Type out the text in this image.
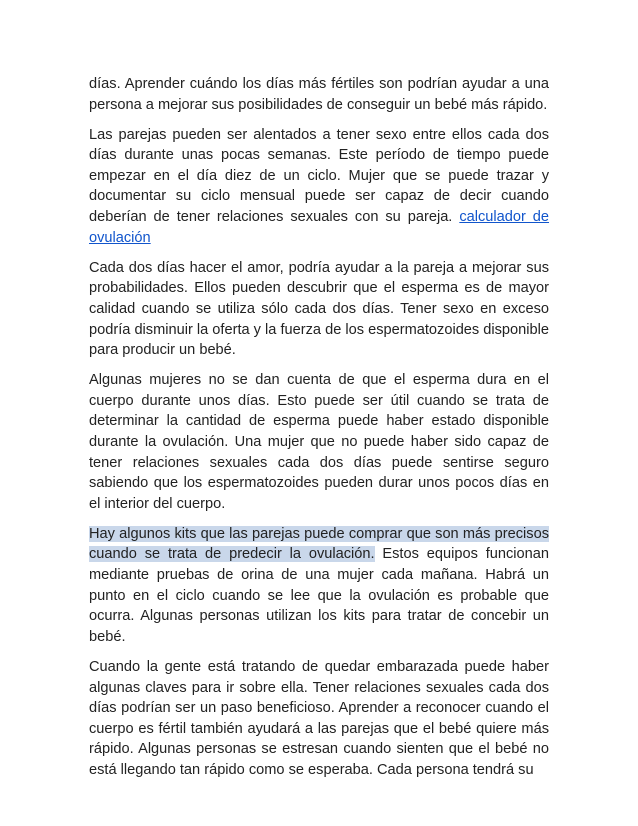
días. Aprender cuándo los días más fértiles son podrían ayudar a una persona a mejorar sus posibilidades de conseguir un bebé más rápido.

Las parejas pueden ser alentados a tener sexo entre ellos cada dos días durante unas pocas semanas. Este período de tiempo puede empezar en el día diez de un ciclo. Mujer que se puede trazar y documentar su ciclo mensual puede ser capaz de decir cuando deberían de tener relaciones sexuales con su pareja. calculador de ovulación

Cada dos días hacer el amor, podría ayudar a la pareja a mejorar sus probabilidades. Ellos pueden descubrir que el esperma es de mayor calidad cuando se utiliza sólo cada dos días. Tener sexo en exceso podría disminuir la oferta y la fuerza de los espermatozoides disponible para producir un bebé.

Algunas mujeres no se dan cuenta de que el esperma dura en el cuerpo durante unos días. Esto puede ser útil cuando se trata de determinar la cantidad de esperma puede haber estado disponible durante la ovulación. Una mujer que no puede haber sido capaz de tener relaciones sexuales cada dos días puede sentirse seguro sabiendo que los espermatozoides pueden durar unos pocos días en el interior del cuerpo.

Hay algunos kits que las parejas puede comprar que son más precisos cuando se trata de predecir la ovulación. Estos equipos funcionan mediante pruebas de orina de una mujer cada mañana. Habrá un punto en el ciclo cuando se lee que la ovulación es probable que ocurra. Algunas personas utilizan los kits para tratar de concebir un bebé.

Cuando la gente está tratando de quedar embarazada puede haber algunas claves para ir sobre ella. Tener relaciones sexuales cada dos días podrían ser un paso beneficioso. Aprender a reconocer cuando el cuerpo es fértil también ayudará a las parejas que el bebé quiere más rápido. Algunas personas se estresan cuando sienten que el bebé no está llegando tan rápido como se esperaba. Cada persona tendrá su
